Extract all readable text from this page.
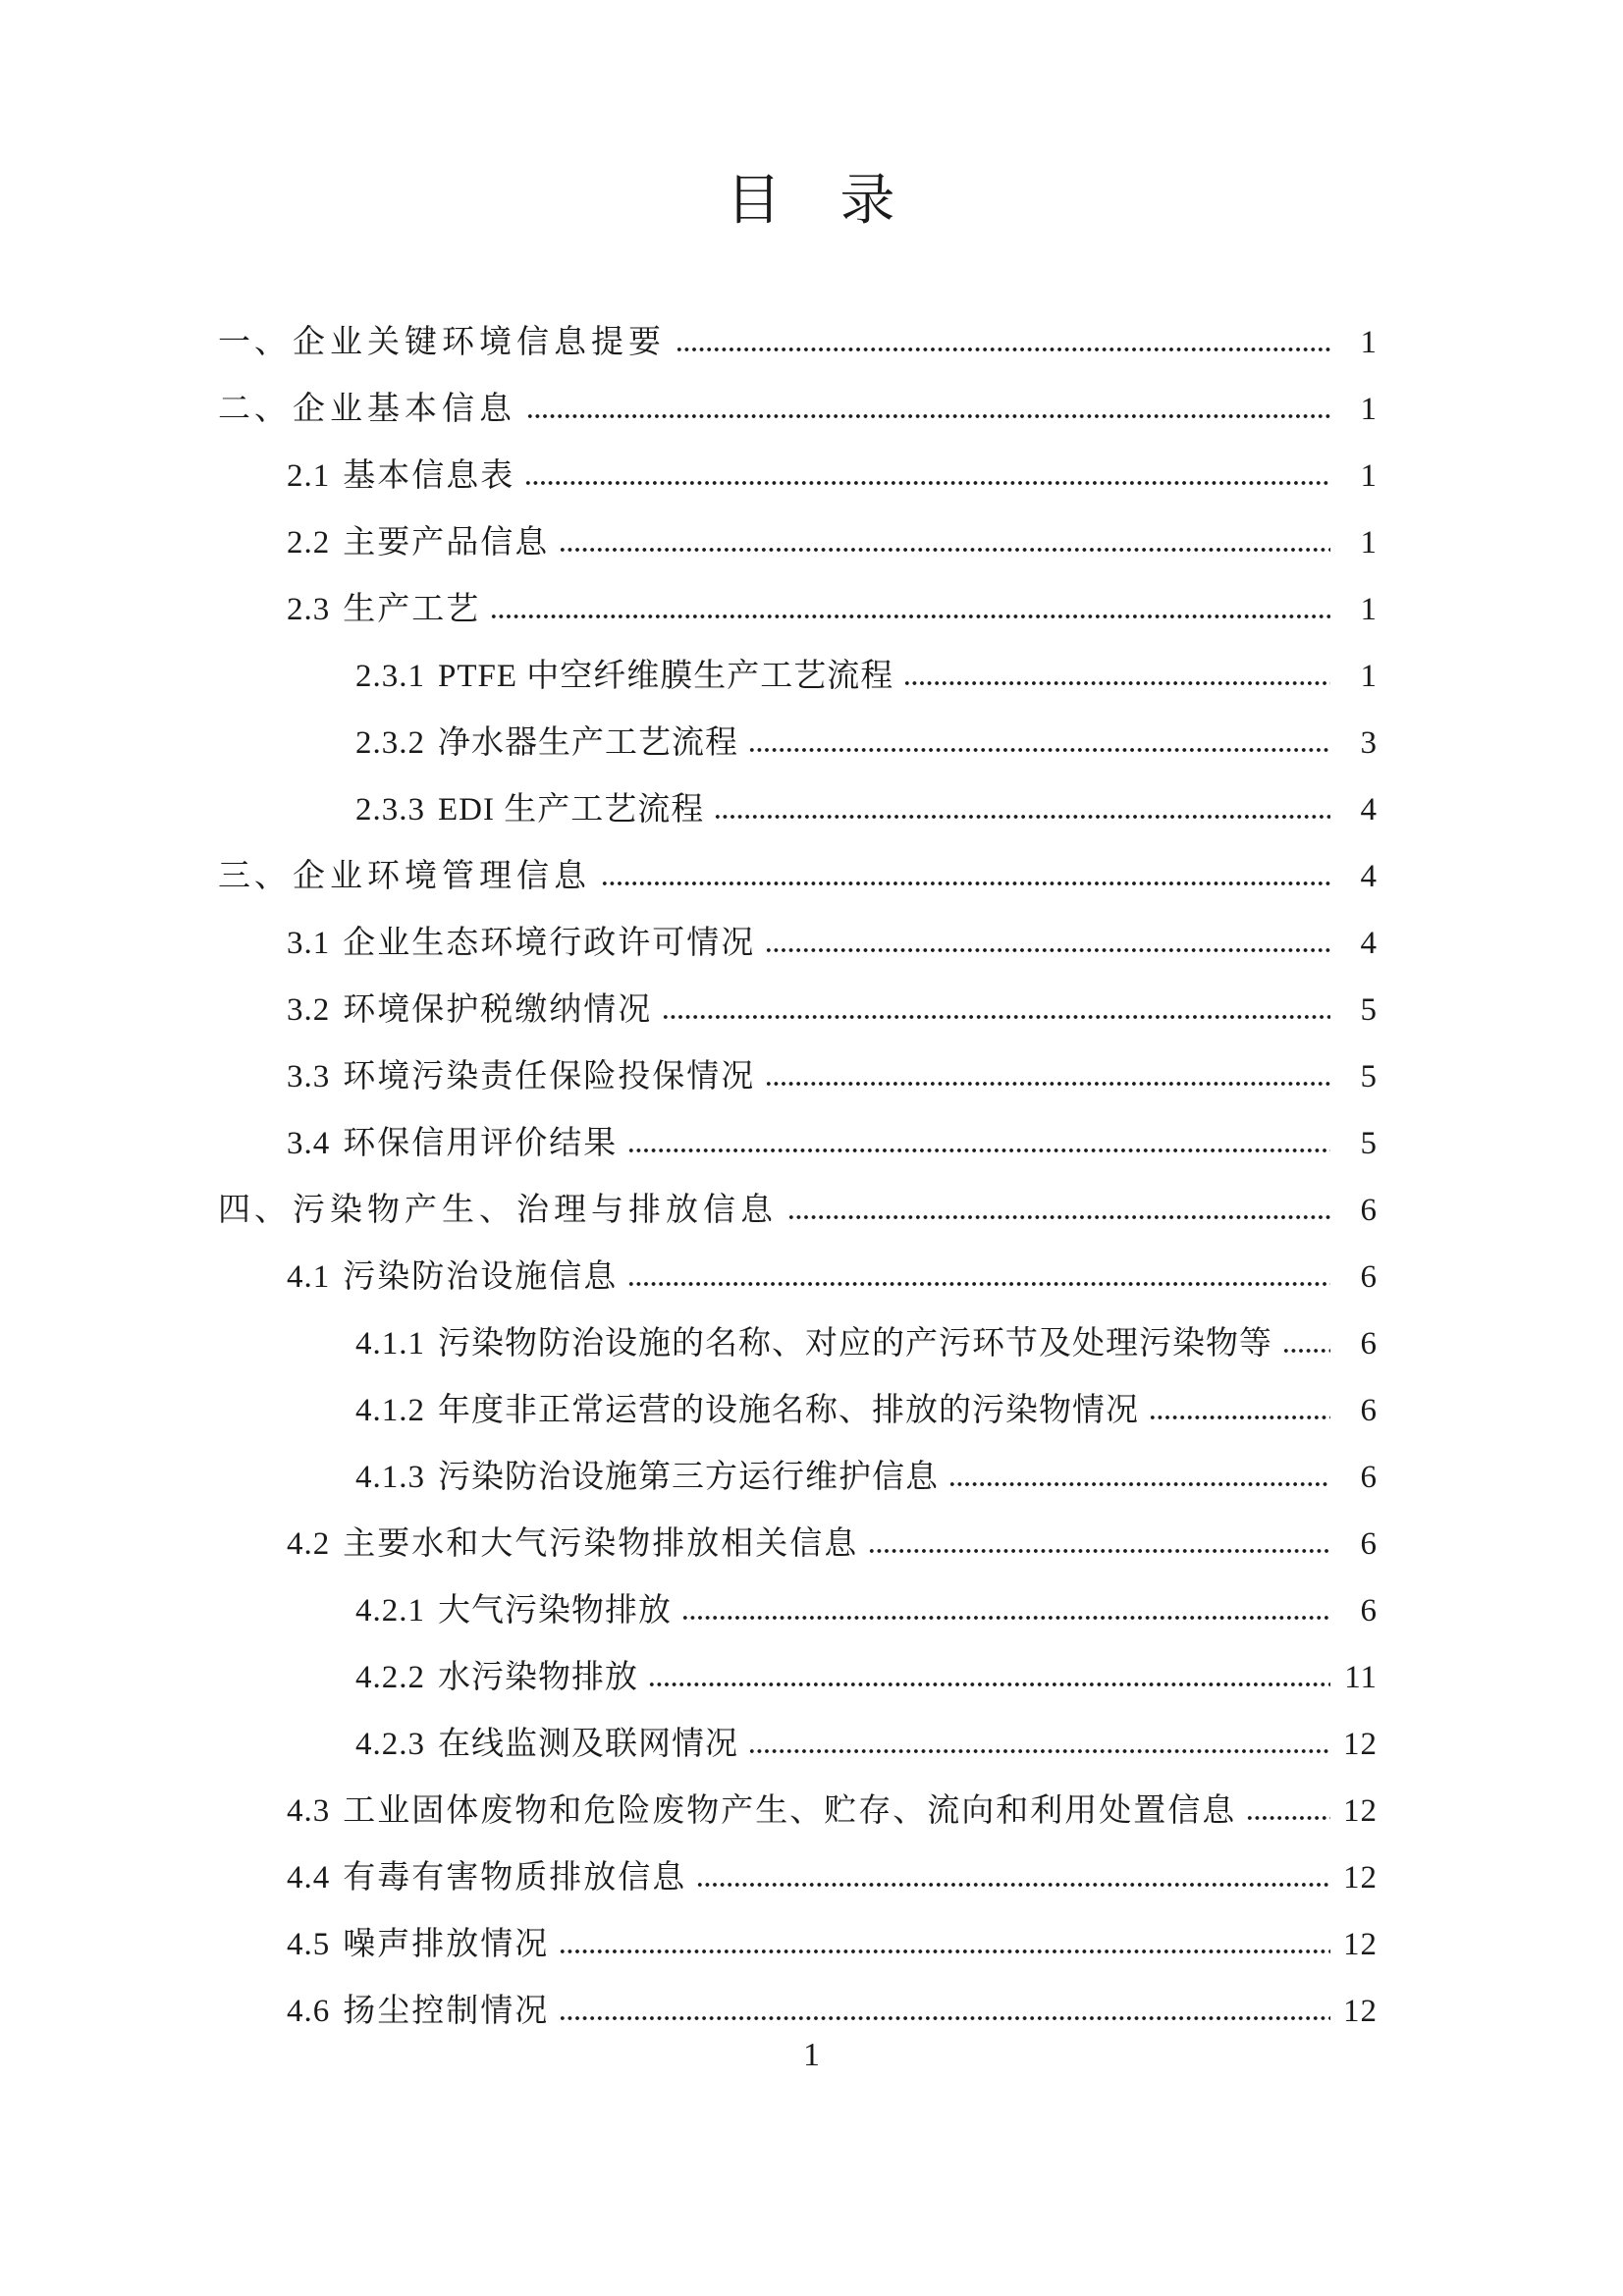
目　录
一、 企业关键环境信息提要	1
二、 企业基本信息	1
2.1 基本信息表	1
2.2 主要产品信息	1
2.3 生产工艺	1
2.3.1 PTFE 中空纤维膜生产工艺流程	1
2.3.2 净水器生产工艺流程	3
2.3.3 EDI 生产工艺流程	4
三、 企业环境管理信息	4
3.1 企业生态环境行政许可情况	4
3.2 环境保护税缴纳情况	5
3.3 环境污染责任保险投保情况	5
3.4 环保信用评价结果	5
四、 污染物产生、治理与排放信息	6
4.1 污染防治设施信息	6
4.1.1 污染物防治设施的名称、对应的产污环节及处理污染物等	6
4.1.2 年度非正常运营的设施名称、排放的污染物情况	6
4.1.3 污染防治设施第三方运行维护信息	6
4.2 主要水和大气污染物排放相关信息	6
4.2.1 大气污染物排放	6
4.2.2 水污染物排放	11
4.2.3 在线监测及联网情况	12
4.3 工业固体废物和危险废物产生、贮存、流向和利用处置信息	12
4.4 有毒有害物质排放信息	12
4.5 噪声排放情况	12
4.6 扬尘控制情况	12
1
